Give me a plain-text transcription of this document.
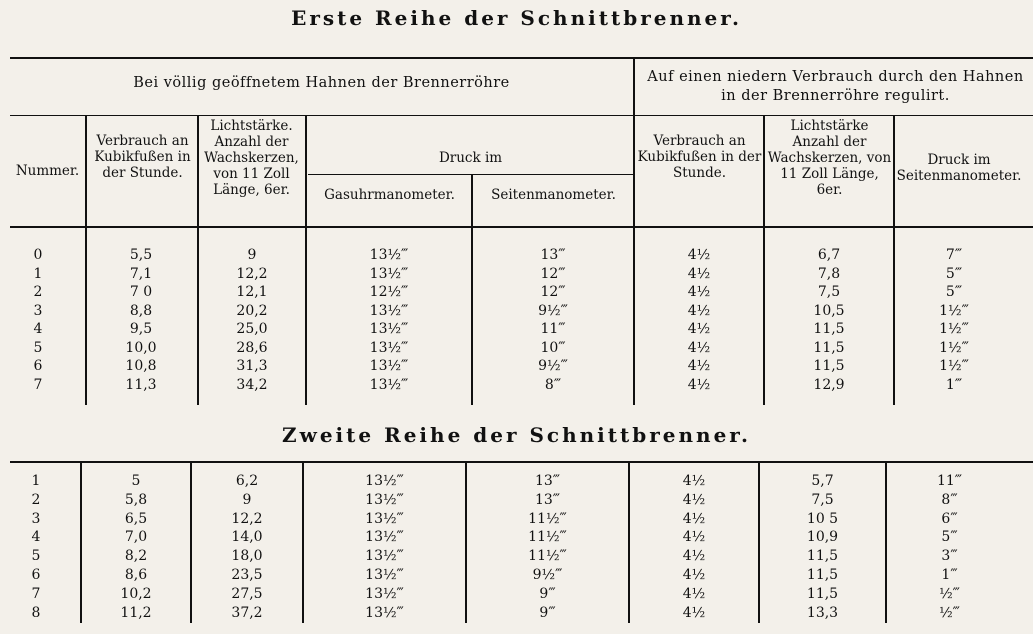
Erste Reihe der Schnittbrenner.
Zweite Reihe der Schnittbrenner.
Bei völlig geöffnetem Hahnen der Brennerröhre	Auf einen niedern Verbrauch durch den Hahnen in der Brennerröhre regulirt.
Nummer.
Verbrauch an Kubikfußen in der Stunde.
Lichtstärke. Anzahl der Wachskerzen, von 11 Zoll Länge, 6er.
Druck im
Gasuhrmanometer.	Seitenmanometer.
Verbrauch an Kubikfußen in der Stunde.
Lichtstärke Anzahl der Wachskerzen, von 11 Zoll Länge, 6er.
Druck im Seitenmanometer.
0
1
2
3
4
5
6
7
5,5
7,1
7 0
8,8
9,5
10,0
10,8
11,3
9
12,2
12,1
20,2
25,0
28,6
31,3
34,2
13½‴
13½‴
12½‴
13½‴
13½‴
13½‴
13½‴
13½‴
13‴
12‴
12‴
9½‴
11‴
10‴
9½‴
8‴
4½
4½
4½
4½
4½
4½
4½
4½
6,7
7,8
7,5
10,5
11,5
11,5
11,5
12,9
7‴
5‴
5‴
1½‴
1½‴
1½‴
1½‴
1‴
1
2
3
4
5
6
7
8
5
5,8
6,5
7,0
8,2
8,6
10,2
11,2
6,2
9
12,2
14,0
18,0
23,5
27,5
37,2
13½‴
13½‴
13½‴
13½‴
13½‴
13½‴
13½‴
13½‴
13‴
13‴
11½‴
11½‴
11½‴
9½‴
9‴
9‴
4½
4½
4½
4½
4½
4½
4½
4½
5,7
7,5
10 5
10,9
11,5
11,5
11,5
13,3
11‴
8‴
6‴
5‴
3‴
1‴
½‴
½‴
